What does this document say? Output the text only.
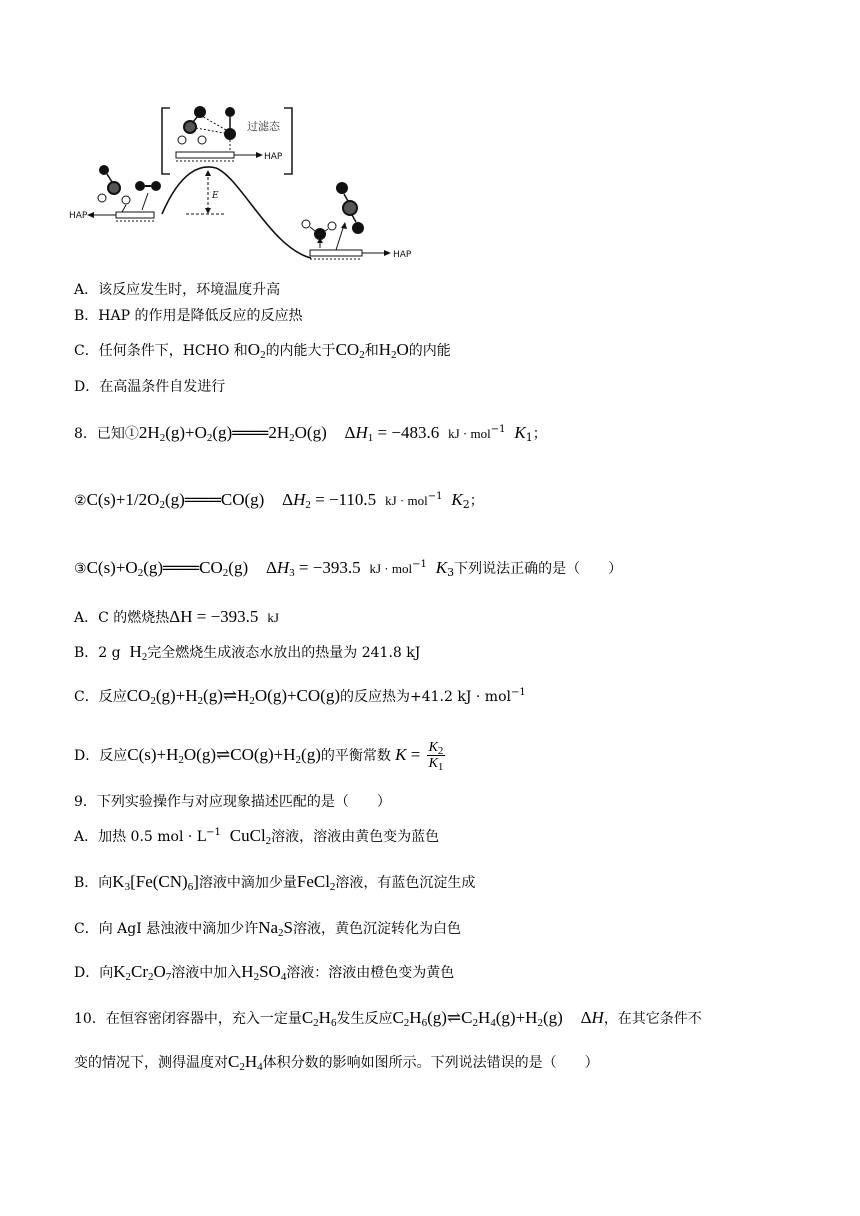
过滤态
HAP
E
HAP
HAP
A．该反应发生时，环境温度升高
B．HAP 的作用是降低反应的反应热
C．任何条件下，HCHO 和$O_2$的内能大于$CO_2$和$H_2O$的内能
D．在高温条件自发进行
8．已知$①2H_2(g)+O_2(g)═══2H_2O(g) \Delta H_1 = -483.6$ kJ · mol$^{-1}$ $K_1$；
$②C(s)+1/2O_2(g)═══CO(g) \Delta H_2 = -110.5$ kJ · mol$^{-1}$ $K_2$；
$③C(s)+O_2(g)═══CO_2(g) \Delta H_3 = -393.5$ kJ · mol$^{-1}$ $K_3$下列说法正确的是（　　）
A．C 的燃烧热ΔH = −393.5 kJ
B．2 g $H_2$完全燃烧生成液态水放出的热量为 241.8 kJ
C．反应$CO_2(g)+H_2(g)\rightleftharpoons H_2O(g)+CO(g)$的反应热为+41.2 kJ · mol$^{-1}$
D．反应$C(s)+H_2O(g)\rightleftharpoons CO(g)+H_2(g)$的平衡常数 $K = \frac{K_2}{K_1}$
9．下列实验操作与对应现象描述匹配的是（　　）
A．加热 0.5 mol · $L^{-1}$ CuCl$_2$溶液，溶液由黄色变为蓝色
B．向$K_3[Fe(CN)_6]$溶液中滴加少量FeCl$_2$溶液，有蓝色沉淀生成
C．向 AgI 悬浊液中滴加少许$Na_2S$溶液，黄色沉淀转化为白色
D．向$K_2Cr_2O_7$溶液中加入$H_2SO_4$溶液：溶液由橙色变为黄色
10．在恒容密闭容器中，充入一定量$C_2H_6$发生反应$C_2H_6(g)\rightleftharpoons C_2H_4(g)+H_2(g)$ ΔH，在其它条件不
变的情况下，测得温度对$C_2H_4$体积分数的影响如图所示。下列说法错误的是（　　）
